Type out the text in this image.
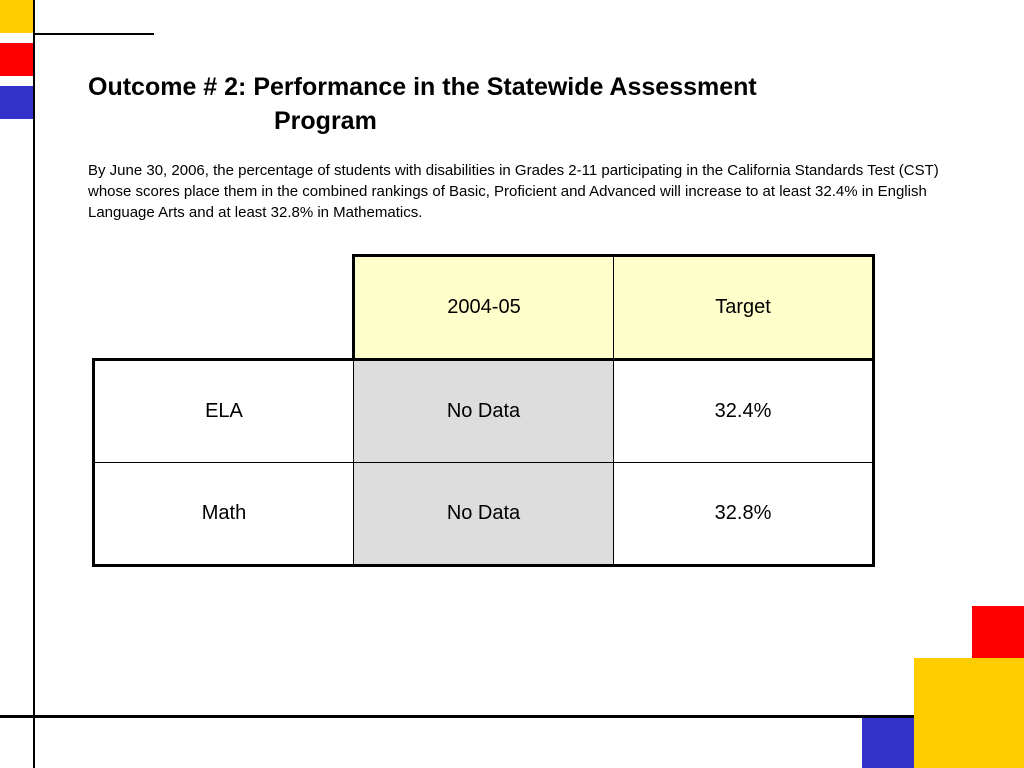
Outcome # 2: Performance in the Statewide Assessment
Program

By June 30, 2006, the percentage of students with disabilities in Grades 2-11 participating in the California Standards Test (CST) whose scores place them in the combined rankings of Basic, Proficient and Advanced will increase to at least 32.4% in English Language Arts and at least 32.8% in Mathematics.

	2004-05	Target
ELA	No Data	32.4%
Math	No Data	32.8%
